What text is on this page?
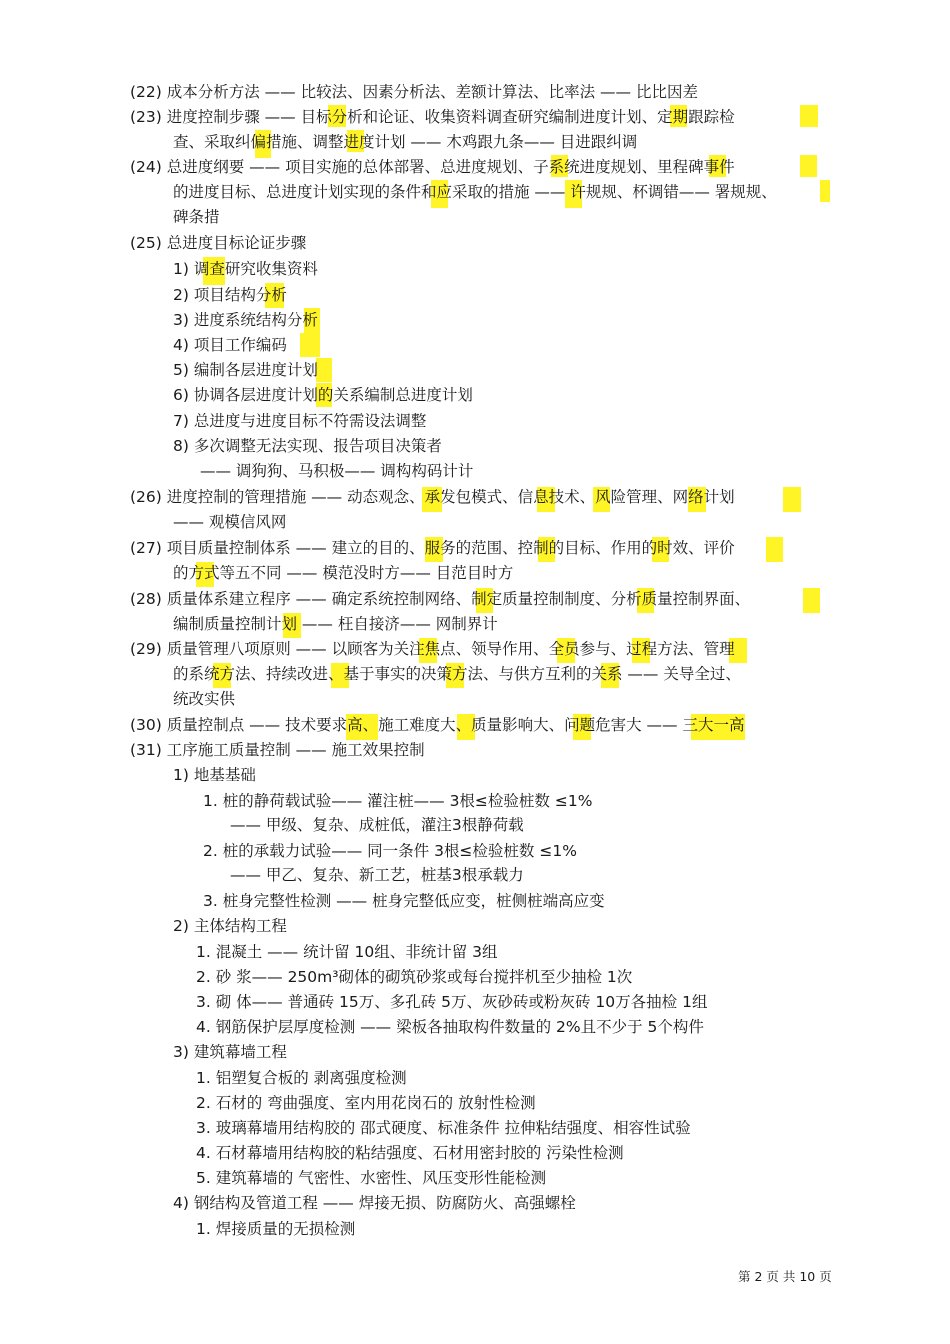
(22) 成本分析方法 —— 比较法、因素分析法、差额计算法、比率法 —— 比比因差
(23) 进度控制步骤 —— 目标分析和论证、收集资料调查研究编制进度计划、定期跟踪检
查、采取纠偏措施、调整进度计划 —— 木鸡跟九条—— 目进跟纠调
(24) 总进度纲要 —— 项目实施的总体部署、总进度规划、子系统进度规划、里程碑事件
的进度目标、总进度计划实现的条件和应采取的措施 —— 许规规、杯调错—— 署规规、
碑条措
(25) 总进度目标论证步骤
1) 调查研究收集资料
2) 项目结构分析
3) 进度系统结构分析
4) 项目工作编码
5) 编制各层进度计划
6) 协调各层进度计划的关系编制总进度计划
7) 总进度与进度目标不符需设法调整
8) 多次调整无法实现、报告项目决策者
—— 调狗狗、马积极—— 调构构码计计
(26) 进度控制的管理措施 —— 动态观念、承发包模式、信息技术、风险管理、网络计划
—— 观模信风网
(27) 项目质量控制体系 —— 建立的目的、服务的范围、控制的目标、作用的时效、评价
的方式等五不同 —— 模范没时方—— 目范目时方
(28) 质量体系建立程序 —— 确定系统控制网络、制定质量控制制度、分析质量控制界面、
编制质量控制计划 —— 枉自接济—— 网制界计
(29) 质量管理八项原则 —— 以顾客为关注焦点、领导作用、全员参与、过程方法、管理
的系统方法、持续改进、基于事实的决策方法、与供方互利的关系 —— 关导全过、
统改实供
(30) 质量控制点 —— 技术要求高、施工难度大、质量影响大、问题危害大 —— 三大一高
(31) 工序施工质量控制 —— 施工效果控制
1) 地基基础
1. 桩的静荷载试验—— 灌注桩—— 3根≤检验桩数 ≤1%
—— 甲级、复杂、成桩低，灌注3根静荷载
2. 桩的承载力试验—— 同一条件 3根≤检验桩数 ≤1%
—— 甲乙、复杂、新工艺，桩基3根承载力
3. 桩身完整性检测 —— 桩身完整低应变，桩侧桩端高应变
2) 主体结构工程
1. 混凝土 —— 统计留 10组、非统计留 3组
2. 砂 浆—— 250m³砌体的砌筑砂浆或每台搅拌机至少抽检 1次
3. 砌 体—— 普通砖 15万、多孔砖 5万、灰砂砖或粉灰砖 10万各抽检 1组
4. 钢筋保护层厚度检测 —— 梁板各抽取构件数量的 2%且不少于 5个构件
3) 建筑幕墙工程
1. 铝塑复合板的 剥离强度检测
2. 石材的 弯曲强度、室内用花岗石的 放射性检测
3. 玻璃幕墙用结构胶的 邵式硬度、标准条件 拉伸粘结强度、相容性试验
4. 石材幕墙用结构胶的粘结强度、石材用密封胶的 污染性检测
5. 建筑幕墙的 气密性、水密性、风压变形性能检测
4) 钢结构及管道工程 —— 焊接无损、防腐防火、高强螺栓
1. 焊接质量的无损检测
第 2 页 共 10 页
